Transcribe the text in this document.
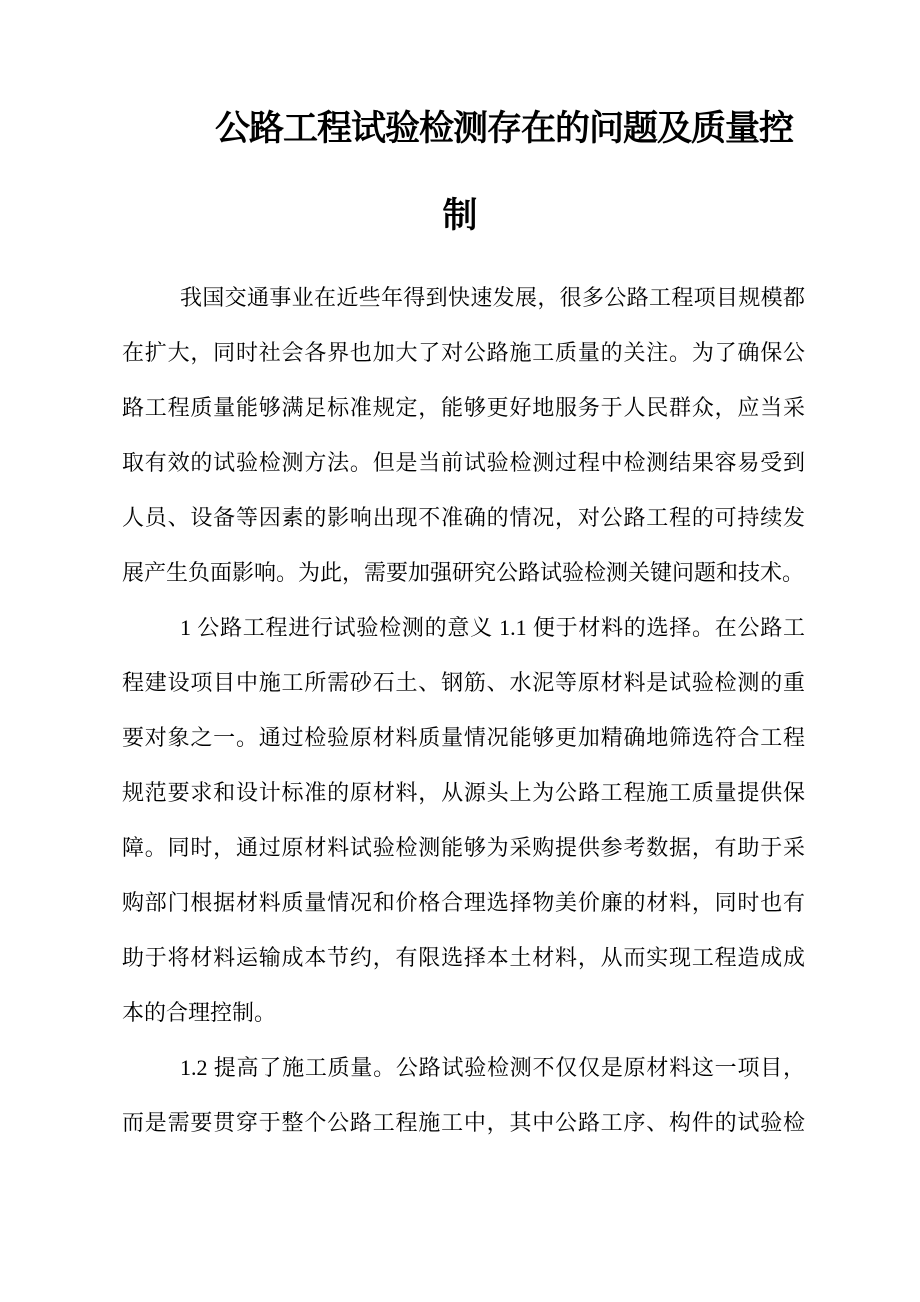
公路工程试验检测存在的问题及质量控
制
我国交通事业在近些年得到快速发展，很多公路工程项目规模都
在扩大，同时社会各界也加大了对公路施工质量的关注。为了确保公
路工程质量能够满足标准规定，能够更好地服务于人民群众，应当采
取有效的试验检测方法。但是当前试验检测过程中检测结果容易受到
人员、设备等因素的影响出现不准确的情况，对公路工程的可持续发
展产生负面影响。为此，需要加强研究公路试验检测关键问题和技术。
1 公路工程进行试验检测的意义 1.1 便于材料的选择。在公路工
程建设项目中施工所需砂石土、钢筋、水泥等原材料是试验检测的重
要对象之一。通过检验原材料质量情况能够更加精确地筛选符合工程
规范要求和设计标准的原材料，从源头上为公路工程施工质量提供保
障。同时，通过原材料试验检测能够为采购提供参考数据，有助于采
购部门根据材料质量情况和价格合理选择物美价廉的材料，同时也有
助于将材料运输成本节约，有限选择本土材料，从而实现工程造成成
本的合理控制。
1.2 提高了施工质量。公路试验检测不仅仅是原材料这一项目，
而是需要贯穿于整个公路工程施工中，其中公路工序、构件的试验检
